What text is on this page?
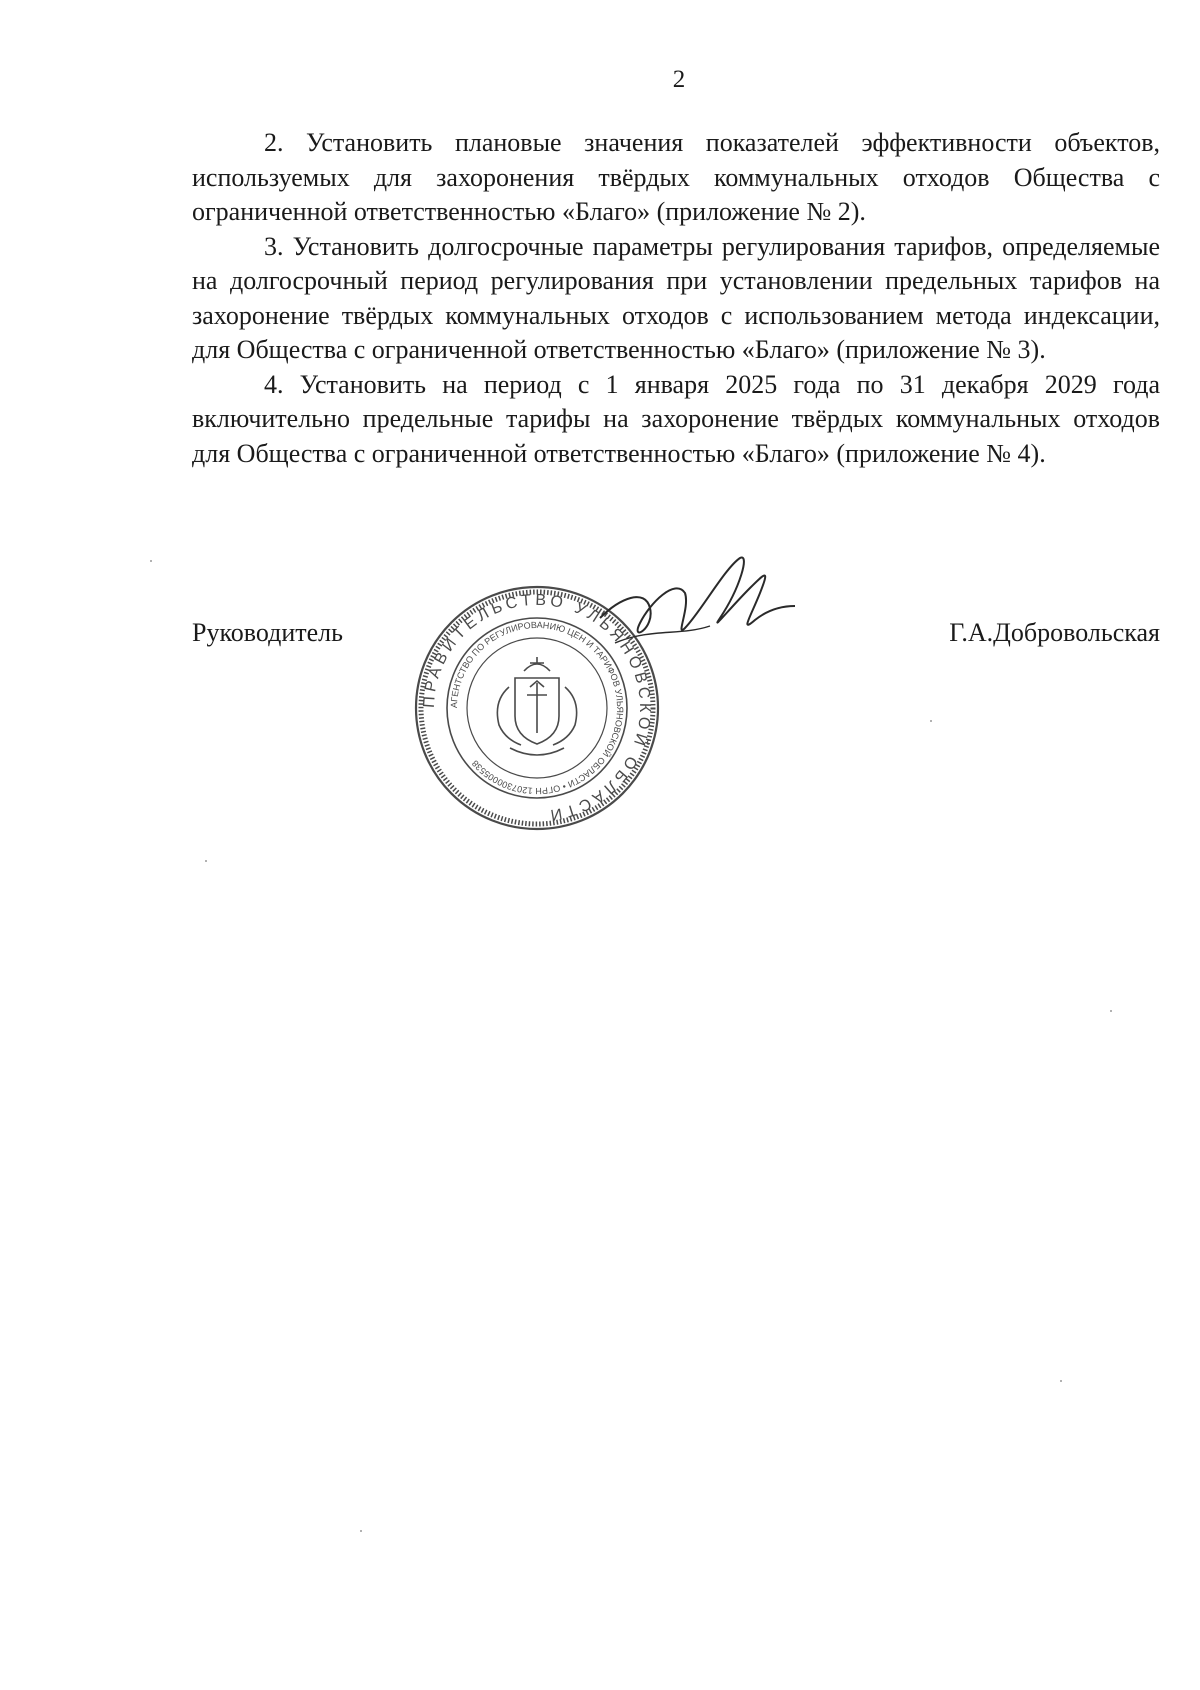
2

2. Установить плановые значения показателей эффективности объектов, используемых для захоронения твёрдых коммунальных отходов Общества с ограниченной ответственностью «Благо» (приложение № 2).

3. Установить долгосрочные параметры регулирования тарифов, определяемые на долгосрочный период регулирования при установлении предельных тарифов на захоронение твёрдых коммунальных отходов с использованием метода индексации, для Общества с ограниченной ответственностью «Благо» (приложение № 3).

4. Установить на период с 1 января 2025 года по 31 декабря 2029 года включительно предельные тарифы на захоронение твёрдых коммунальных отходов для Общества с ограниченной ответственностью «Благо» (приложение № 4).

Руководитель	Г.А.Добровольская
ПРАВИТЕЛЬСТВО УЛЬЯНОВСКОЙ ОБЛАСТИ
АГЕНТСТВО ПО РЕГУЛИРОВАНИЮ ЦЕН И ТАРИФОВ УЛЬЯНОВСКОЙ ОБЛАСТИ • ОГРН 1207300005538
